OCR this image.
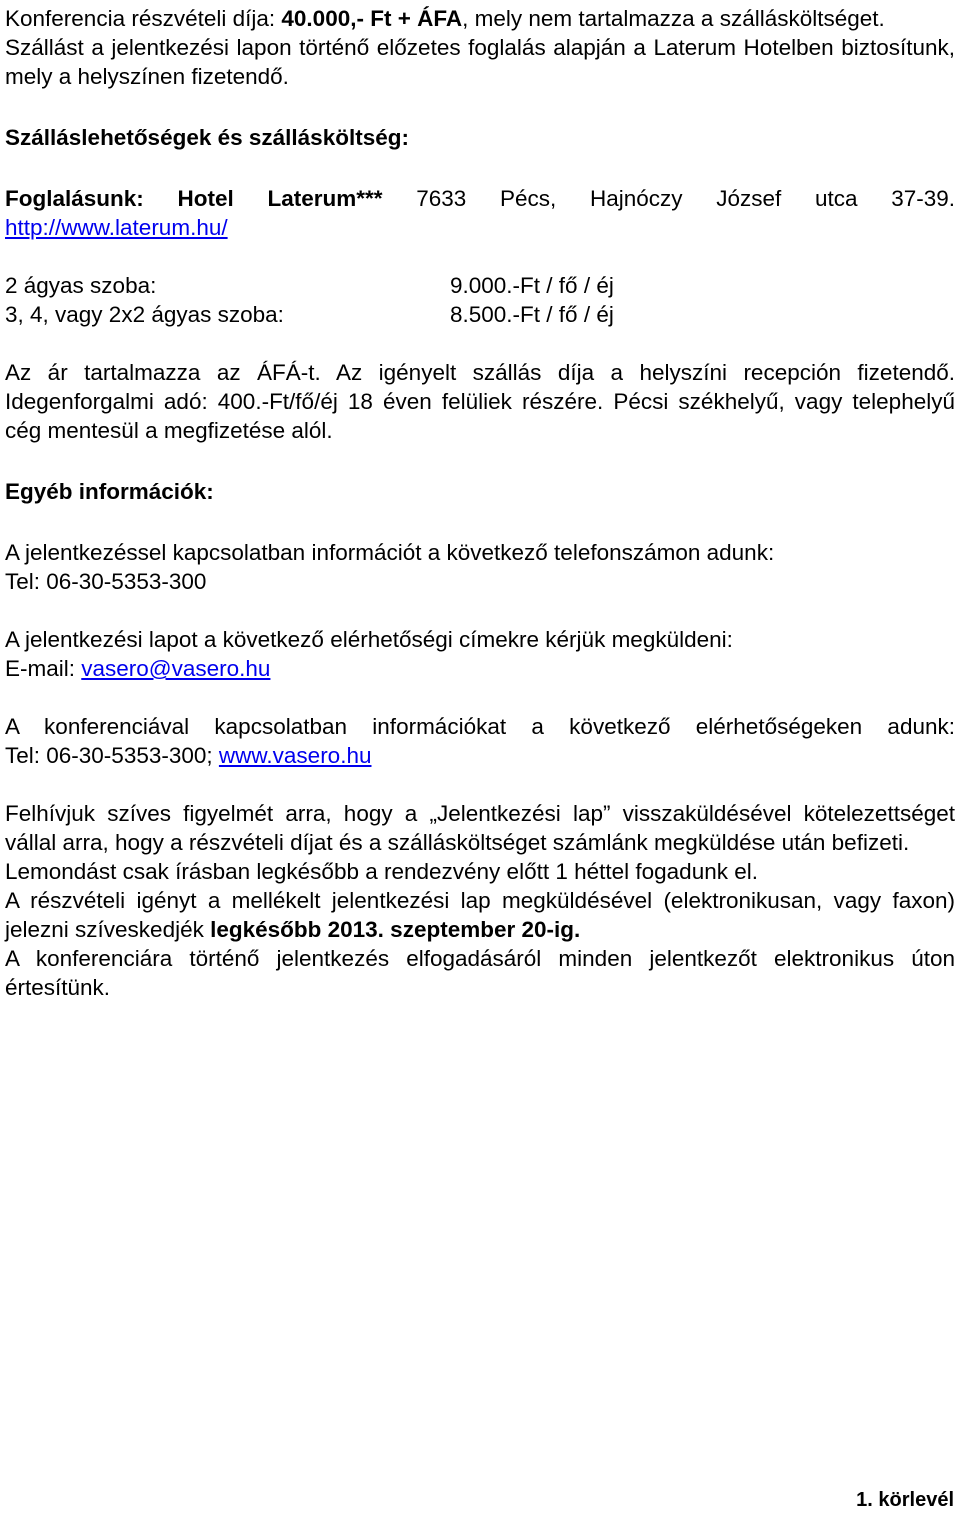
Konferencia részvételi díja: 40.000,- Ft + ÁFA, mely nem tartalmazza a szállásköltséget.

Szállást a jelentkezési lapon történő előzetes foglalás alapján a Laterum Hotelben biztosítunk, mely a helyszínen fizetendő.

Szálláslehetőségek és szállásköltség:

Foglalásunk: Hotel Laterum*** 7633 Pécs, Hajnóczy József utca 37-39. http://www.laterum.hu/

2 ágyas szoba:	9.000.-Ft / fő / éj
3, 4, vagy 2x2 ágyas szoba:	8.500.-Ft / fő / éj

Az ár tartalmazza az ÁFÁ-t. Az igényelt szállás díja a helyszíni recepción fizetendő. Idegenforgalmi adó: 400.-Ft/fő/éj 18 éven felüliek részére. Pécsi székhelyű, vagy telephelyű cég mentesül a megfizetése alól.

Egyéb információk:

A jelentkezéssel kapcsolatban információt a következő telefonszámon adunk:

Tel: 06-30-5353-300

A jelentkezési lapot a következő elérhetőségi címekre kérjük megküldeni:

E-mail: vasero@vasero.hu

A konferenciával kapcsolatban információkat a következő elérhetőségeken adunk:

Tel: 06-30-5353-300; www.vasero.hu

Felhívjuk szíves figyelmét arra, hogy a „Jelentkezési lap” visszaküldésével kötelezettséget vállal arra, hogy a részvételi díjat és a szállásköltséget számlánk megküldése után befizeti.

Lemondást csak írásban legkésőbb a rendezvény előtt 1 héttel fogadunk el.

A részvételi igényt a mellékelt jelentkezési lap megküldésével (elektronikusan, vagy faxon) jelezni szíveskedjék legkésőbb 2013. szeptember 20-ig.

A konferenciára történő jelentkezés elfogadásáról minden jelentkezőt elektronikus úton értesítünk.

1. körlevél
